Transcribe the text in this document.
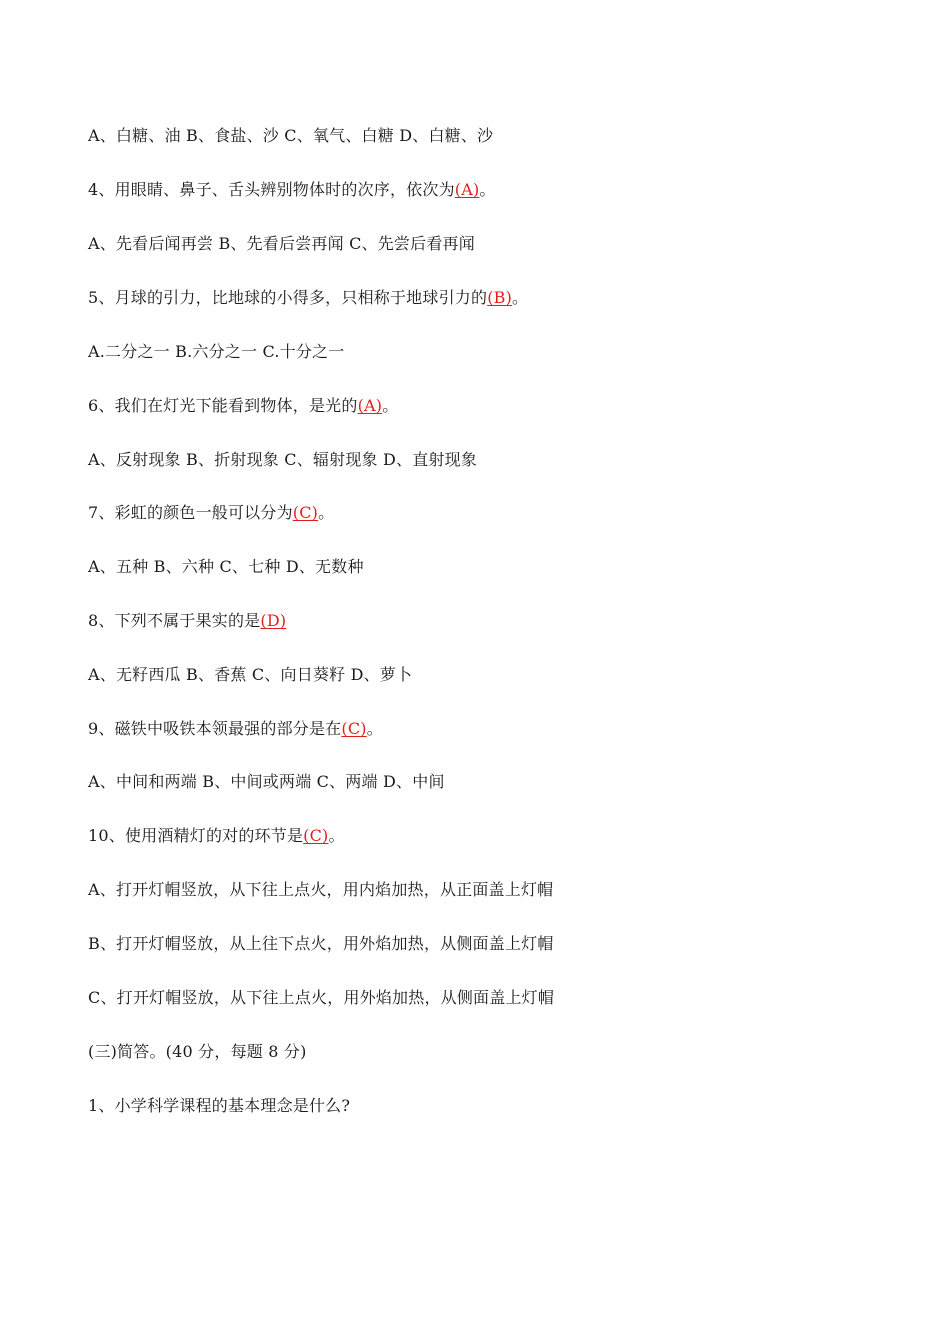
A、白糖、油 B、食盐、沙 C、氧气、白糖 D、白糖、沙
4、用眼睛、鼻子、舌头辨别物体时的次序，依次为(A)。
A、先看后闻再尝 B、先看后尝再闻 C、先尝后看再闻
5、月球的引力，比地球的小得多，只相称于地球引力的(B)。
A.二分之一 B.六分之一 C.十分之一
6、我们在灯光下能看到物体，是光的(A)。
A、反射现象 B、折射现象 C、辐射现象 D、直射现象
7、彩虹的颜色一般可以分为(C)。
A、五种 B、六种 C、七种 D、无数种
8、下列不属于果实的是(D)
A、无籽西瓜 B、香蕉 C、向日葵籽 D、萝卜
9、磁铁中吸铁本领最强的部分是在(C)。
A、中间和两端 B、中间或两端 C、两端 D、中间
10、使用酒精灯的对的环节是(C)。
A、打开灯帽竖放，从下往上点火，用内焰加热，从正面盖上灯帽
B、打开灯帽竖放，从上往下点火，用外焰加热，从侧面盖上灯帽
C、打开灯帽竖放，从下往上点火，用外焰加热，从侧面盖上灯帽
(三)简答。(40 分，每题 8 分)
1、小学科学课程的基本理念是什么?
